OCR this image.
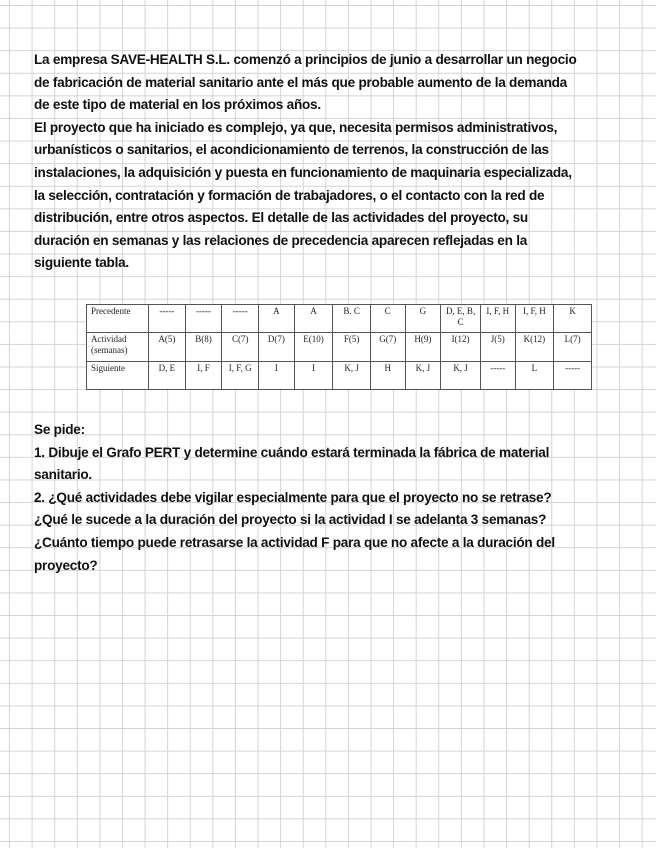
La empresa SAVE-HEALTH S.L. comenzó a principios de junio a desarrollar un negocio
de fabricación de material sanitario ante el más que probable aumento de la demanda
de este tipo de material en los próximos años.
El proyecto que ha iniciado es complejo, ya que, necesita permisos administrativos,
urbanísticos o sanitarios, el acondicionamiento de terrenos, la construcción de las
instalaciones, la adquisición y puesta en funcionamiento de maquinaria especializada,
la selección, contratación y formación de trabajadores, o el contacto con la red de
distribución, entre otros aspectos. El detalle de las actividades del proyecto, su
duración en semanas y las relaciones de precedencia aparecen reflejadas en la
siguiente tabla.
Precedente	-----	-----	-----	A	A	B. C	C	G	D, E, B, C	I, F, H	I, F, H	K
Actividad (semanas)	A(5)	B(8)	C(7)	D(7)	E(10)	F(5)	G(7)	H(9)	I(12)	J(5)	K(12)	L(7)
Siguiente	D, E	I, F	I, F, G	I	I	K, J	H	K, J	K, J	-----	L	-----
Se pide:
1. Dibuje el Grafo PERT y determine cuándo estará terminada la fábrica de material
sanitario.
2. ¿Qué actividades debe vigilar especialmente para que el proyecto no se retrase?
¿Qué le sucede a la duración del proyecto si la actividad I se adelanta 3 semanas?
¿Cuánto tiempo puede retrasarse la actividad F para que no afecte a la duración del
proyecto?
